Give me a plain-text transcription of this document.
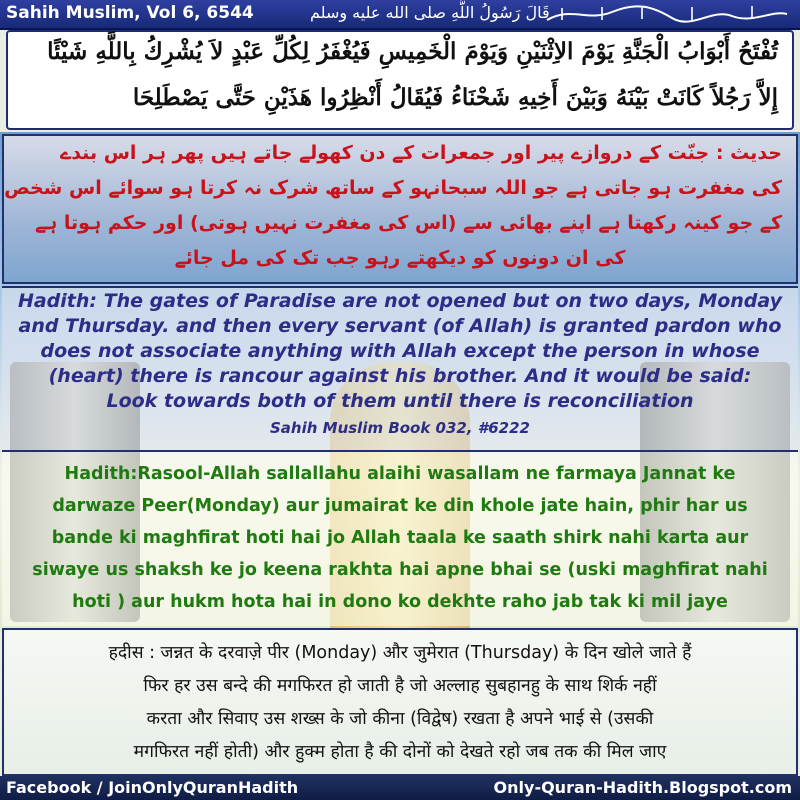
Sahih Muslim, Vol 6, 6544	قَالَ رَسُولُ اللَّهِ صلى الله عليه وسلم
تُفْتَحُ أَبْوَابُ الْجَنَّةِ يَوْمَ الاِثْنَيْنِ وَيَوْمَ الْخَمِيسِ فَيُغْفَرُ لِكُلِّ عَبْدٍ لاَ يُشْرِكُ بِاللَّهِ شَيْئًا
إِلاَّ رَجُلاً كَانَتْ بَيْنَهُ وَبَيْنَ أَخِيهِ شَحْنَاءُ فَيُقَالُ أَنْظِرُوا هَذَيْنِ حَتَّى يَصْطَلِحَا
حدیث : جنّت کے دروازے پیر اور جمعرات کے دن کھولے جاتے ہیں پھر ہر اس بندے
کی مغفرت ہو جاتی ہے جو اللہ سبحانہو کے ساتھ شرک نہ کرتا ہو سوائے اس شخص
کے جو کینہ رکھتا ہے اپنے بھائی سے (اس کی مغفرت نہیں ہوتی) اور حکم ہوتا ہے
کی ان دونوں کو دیکھتے رہو جب تک کی مل جائے
Hadith: The gates of Paradise are not opened but on two days, Monday
and Thursday. and then every servant (of Allah) is granted pardon who
does not associate anything with Allah except the person in whose
(heart) there is rancour against his brother. And it would be said:
Look towards both of them until there is reconciliation
Sahih Muslim Book 032, #6222
Hadith:Rasool-Allah sallallahu alaihi wasallam ne farmaya Jannat ke
darwaze Peer(Monday) aur jumairat ke din khole jate hain, phir har us
bande ki maghfirat hoti hai jo Allah taala ke saath shirk nahi karta aur
siwaye us shaksh ke jo keena rakhta hai apne bhai se (uski maghfirat nahi
hoti ) aur hukm hota hai in dono ko dekhte raho jab tak ki mil jaye
हदीस : जन्नत के दरवाज़े पीर (Monday) और जुमेरात (Thursday) के दिन खोले जाते हैं
फिर हर उस बन्दे की मगफिरत हो जाती है जो अल्लाह सुबहानहु के साथ शिर्क नहीं
करता और सिवाए उस शख्स के जो कीना (विद्वेष) रखता है अपने भाई से (उसकी
मगफिरत नहीं होती) और हुक्म होता है की दोनों को देखते रहो जब तक की मिल जाए
Facebook / JoinOnlyQuranHadith	Only-Quran-Hadith.Blogspot.com
